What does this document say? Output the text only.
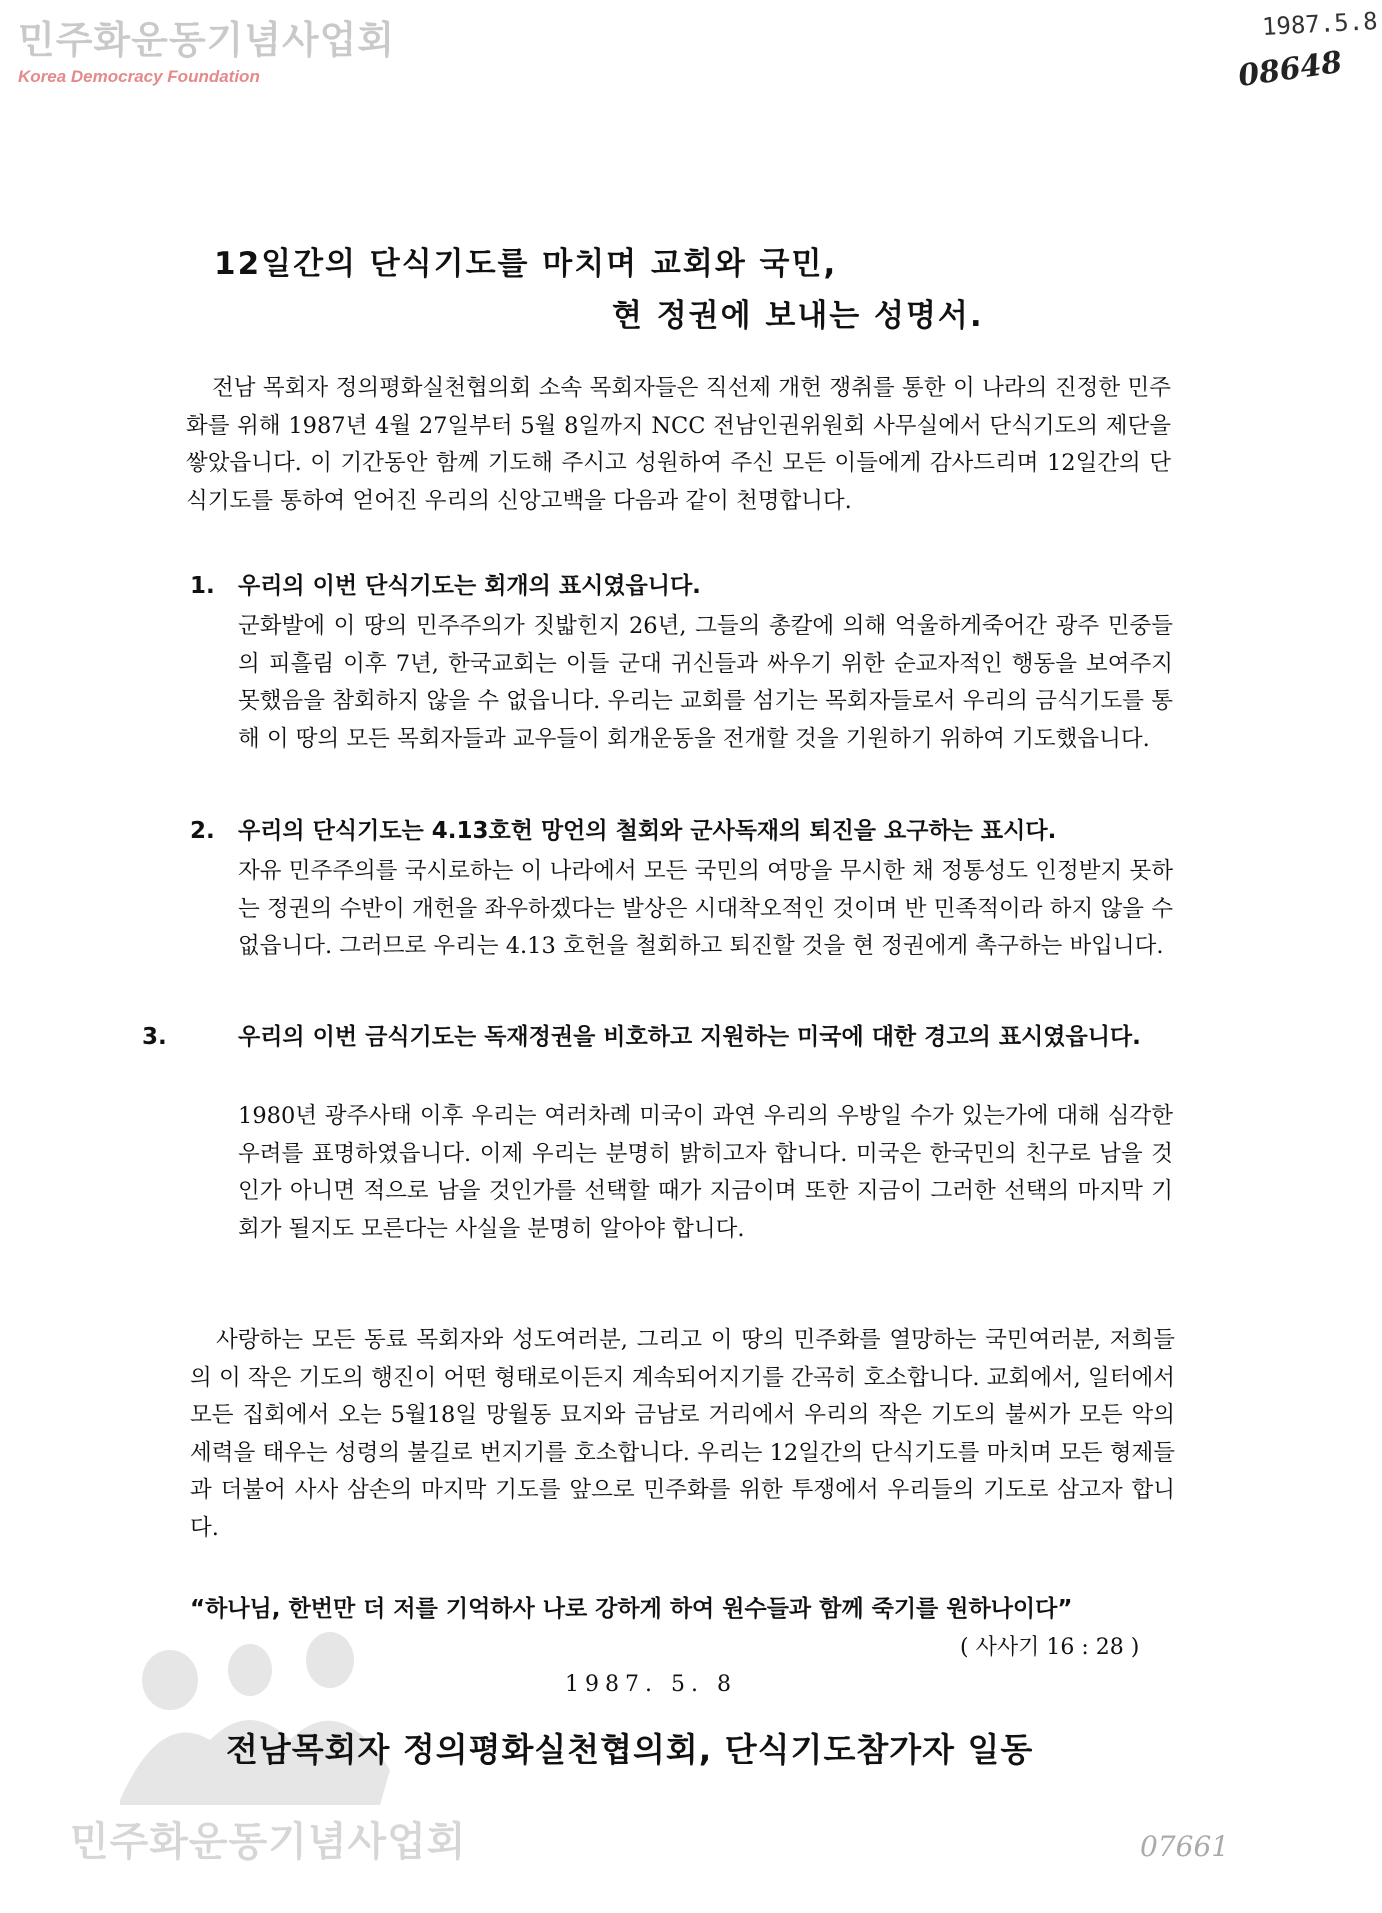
민주화운동기념사업회
Korea Democracy Foundation
1987.5.8
08648
12일간의 단식기도를 마치며 교회와 국민,
현 정권에 보내는 성명서.
전남 목회자 정의평화실천협의회 소속 목회자들은 직선제 개헌 쟁취를 통한 이 나라의 진정한 민주화를 위해 1987년 4월 27일부터 5월 8일까지 NCC 전남인권위원회 사무실에서 단식기도의 제단을 쌓았읍니다. 이 기간동안 함께 기도해 주시고 성원하여 주신 모든 이들에게 감사드리며 12일간의 단식기도를 통하여 얻어진 우리의 신앙고백을 다음과 같이 천명합니다.
1. 우리의 이번 단식기도는 회개의 표시였읍니다.
군화발에 이 땅의 민주주의가 짓밟힌지 26년, 그들의 총칼에 의해 억울하게죽어간 광주 민중들의 피흘림 이후 7년, 한국교회는 이들 군대 귀신들과 싸우기 위한 순교자적인 행동을 보여주지 못했음을 참회하지 않을 수 없읍니다. 우리는 교회를 섬기는 목회자들로서 우리의 금식기도를 통해 이 땅의 모든 목회자들과 교우들이 회개운동을 전개할 것을 기원하기 위하여 기도했읍니다.
2. 우리의 단식기도는 4.13호헌 망언의 철회와 군사독재의 퇴진을 요구하는 표시다.
자유 민주주의를 국시로하는 이 나라에서 모든 국민의 여망을 무시한 채 정통성도 인정받지 못하는 정권의 수반이 개헌을 좌우하겠다는 발상은 시대착오적인 것이며 반 민족적이라 하지 않을 수 없읍니다. 그러므로 우리는 4.13 호헌을 철회하고 퇴진할 것을 현 정권에게 촉구하는 바입니다.
3.	우리의 이번 금식기도는 독재정권을 비호하고 지원하는 미국에 대한 경고의 표시였읍니다.
1980년 광주사태 이후 우리는 여러차례 미국이 과연 우리의 우방일 수가 있는가에 대해 심각한 우려를 표명하였읍니다. 이제 우리는 분명히 밝히고자 합니다. 미국은 한국민의 친구로 남을 것인가 아니면 적으로 남을 것인가를 선택할 때가 지금이며 또한 지금이 그러한 선택의 마지막 기회가 될지도 모른다는 사실을 분명히 알아야 합니다.
사랑하는 모든 동료 목회자와 성도여러분, 그리고 이 땅의 민주화를 열망하는 국민여러분, 저희들의 이 작은 기도의 행진이 어떤 형태로이든지 계속되어지기를 간곡히 호소합니다. 교회에서, 일터에서 모든 집회에서 오는 5월18일 망월동 묘지와 금남로 거리에서 우리의 작은 기도의 불씨가 모든 악의 세력을 태우는 성령의 불길로 번지기를 호소합니다. 우리는 12일간의 단식기도를 마치며 모든 형제들과 더불어 사사 삼손의 마지막 기도를 앞으로 민주화를 위한 투쟁에서 우리들의 기도로 삼고자 합니다.
“하나님, 한번만 더 저를 기억하사 나로 강하게 하여 원수들과 함께 죽기를 원하나이다”
( 사사기 16 : 28 )
1987. 5. 8
전남목회자 정의평화실천협의회, 단식기도참가자 일동
민주화운동기념사업회	07661
